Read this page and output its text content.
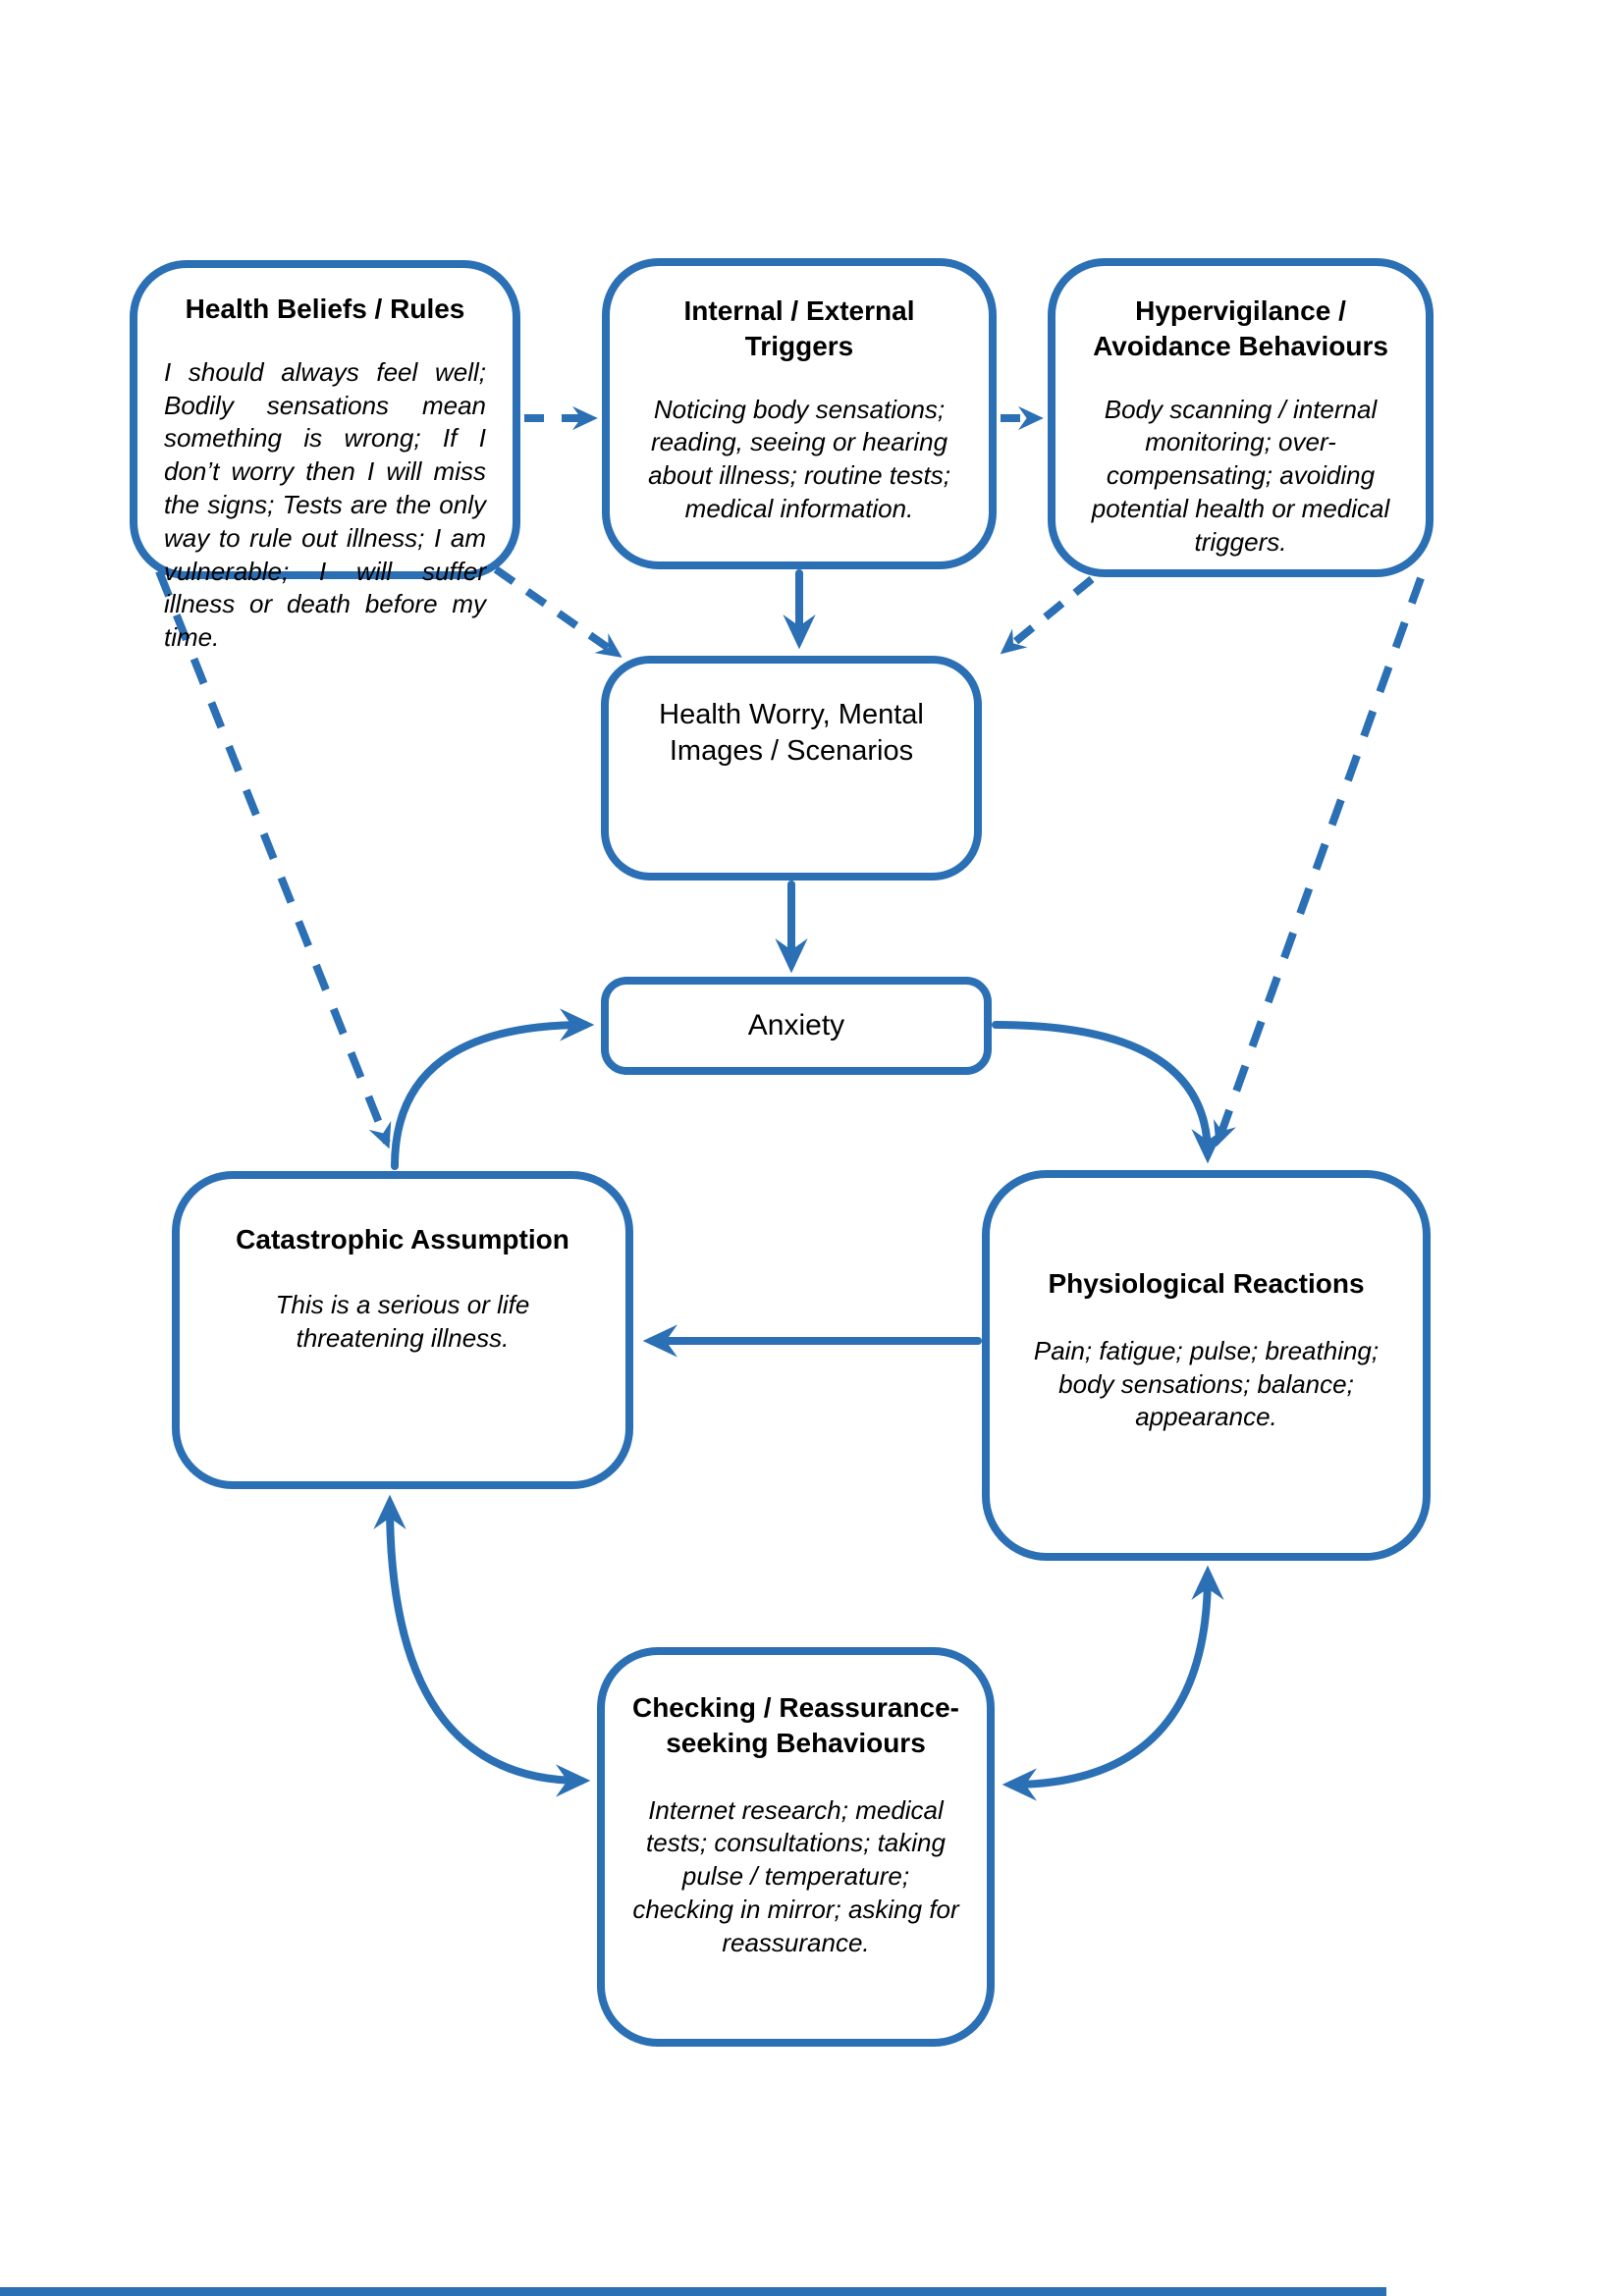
Health Beliefs / Rules
I should always feel well; Bodily sensations mean something is wrong; If I don’t worry then I will miss the signs; Tests are the only way to rule out illness; I am vulnerable; I will suffer illness or death before my time.
Internal / External Triggers
Noticing body sensations; reading, seeing or hearing about illness; routine tests; medical information.
Hypervigilance / Avoidance Behaviours
Body scanning / internal monitoring; over-compensating; avoiding potential health or medical triggers.
Health Worry, Mental Images / Scenarios
Anxiety
Catastrophic Assumption
This is a serious or life threatening illness.
Physiological Reactions
Pain; fatigue; pulse; breathing; body sensations; balance; appearance.
Checking / Reassurance-seeking Behaviours
Internet research; medical tests; consultations; taking pulse / temperature; checking in mirror; asking for reassurance.
